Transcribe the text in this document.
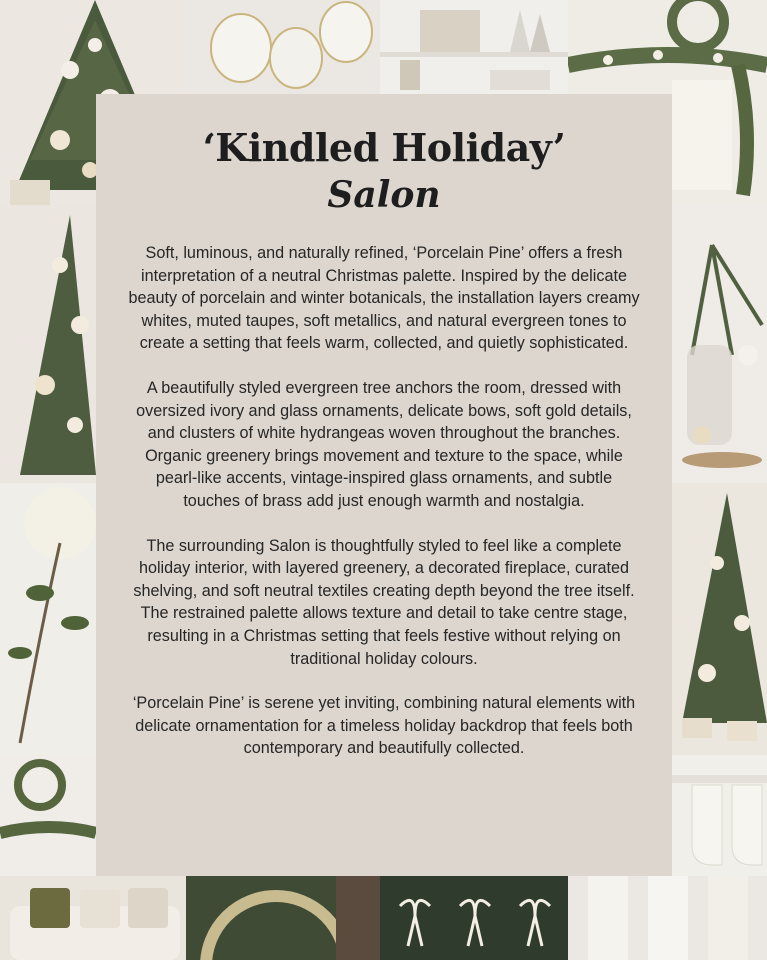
‘Kindled Holiday’
Salon

Soft, luminous, and naturally refined, ‘Porcelain Pine’ offers a fresh interpretation of a neutral Christmas palette. Inspired by the delicate beauty of porcelain and winter botanicals, the installation layers creamy whites, muted taupes, soft metallics, and natural evergreen tones to create a setting that feels warm, collected, and quietly sophisticated.

A beautifully styled evergreen tree anchors the room, dressed with oversized ivory and glass ornaments, delicate bows, soft gold details, and clusters of white hydrangeas woven throughout the branches. Organic greenery brings movement and texture to the space, while pearl-like accents, vintage-inspired glass ornaments, and subtle touches of brass add just enough warmth and nostalgia.

The surrounding Salon is thoughtfully styled to feel like a complete holiday interior, with layered greenery, a decorated fireplace, curated shelving, and soft neutral textiles creating depth beyond the tree itself. The restrained palette allows texture and detail to take centre stage, resulting in a Christmas setting that feels festive without relying on traditional holiday colours.

‘Porcelain Pine’ is serene yet inviting, combining natural elements with delicate ornamentation for a timeless holiday backdrop that feels both contemporary and beautifully collected.
